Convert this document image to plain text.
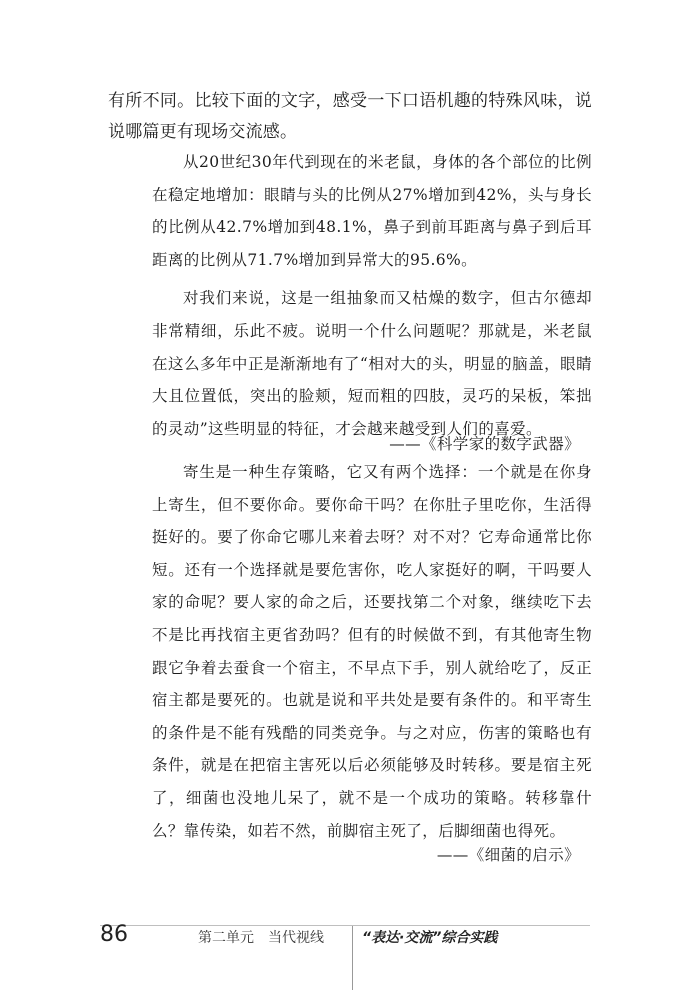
有所不同。比较下面的文字，感受一下口语机趣的特殊风味，说说哪篇更有现场交流感。

从20世纪30年代到现在的米老鼠，身体的各个部位的比例在稳定地增加：眼睛与头的比例从27%增加到42%，头与身长的比例从42.7%增加到48.1%，鼻子到前耳距离与鼻子到后耳距离的比例从71.7%增加到异常大的95.6%。

对我们来说，这是一组抽象而又枯燥的数字，但古尔德却非常精细，乐此不疲。说明一个什么问题呢？那就是，米老鼠在这么多年中正是渐渐地有了“相对大的头，明显的脑盖，眼睛大且位置低，突出的脸颊，短而粗的四肢，灵巧的呆板，笨拙的灵动”这些明显的特征，才会越来越受到人们的喜爱。

——《科学家的数字武器》

寄生是一种生存策略，它又有两个选择：一个就是在你身上寄生，但不要你命。要你命干吗？在你肚子里吃你，生活得挺好的。要了你命它哪儿来着去呀？对不对？它寿命通常比你短。还有一个选择就是要危害你，吃人家挺好的啊，干吗要人家的命呢？要人家的命之后，还要找第二个对象，继续吃下去不是比再找宿主更省劲吗？但有的时候做不到，有其他寄生物跟它争着去蚕食一个宿主，不早点下手，别人就给吃了，反正宿主都是要死的。也就是说和平共处是要有条件的。和平寄生的条件是不能有残酷的同类竞争。与之对应，伤害的策略也有条件，就是在把宿主害死以后必须能够及时转移。要是宿主死了，细菌也没地儿呆了，就不是一个成功的策略。转移靠什么？靠传染，如若不然，前脚宿主死了，后脚细菌也得死。

——《细菌的启示》
86	第二单元　当代视线	“表达·交流”综合实践
